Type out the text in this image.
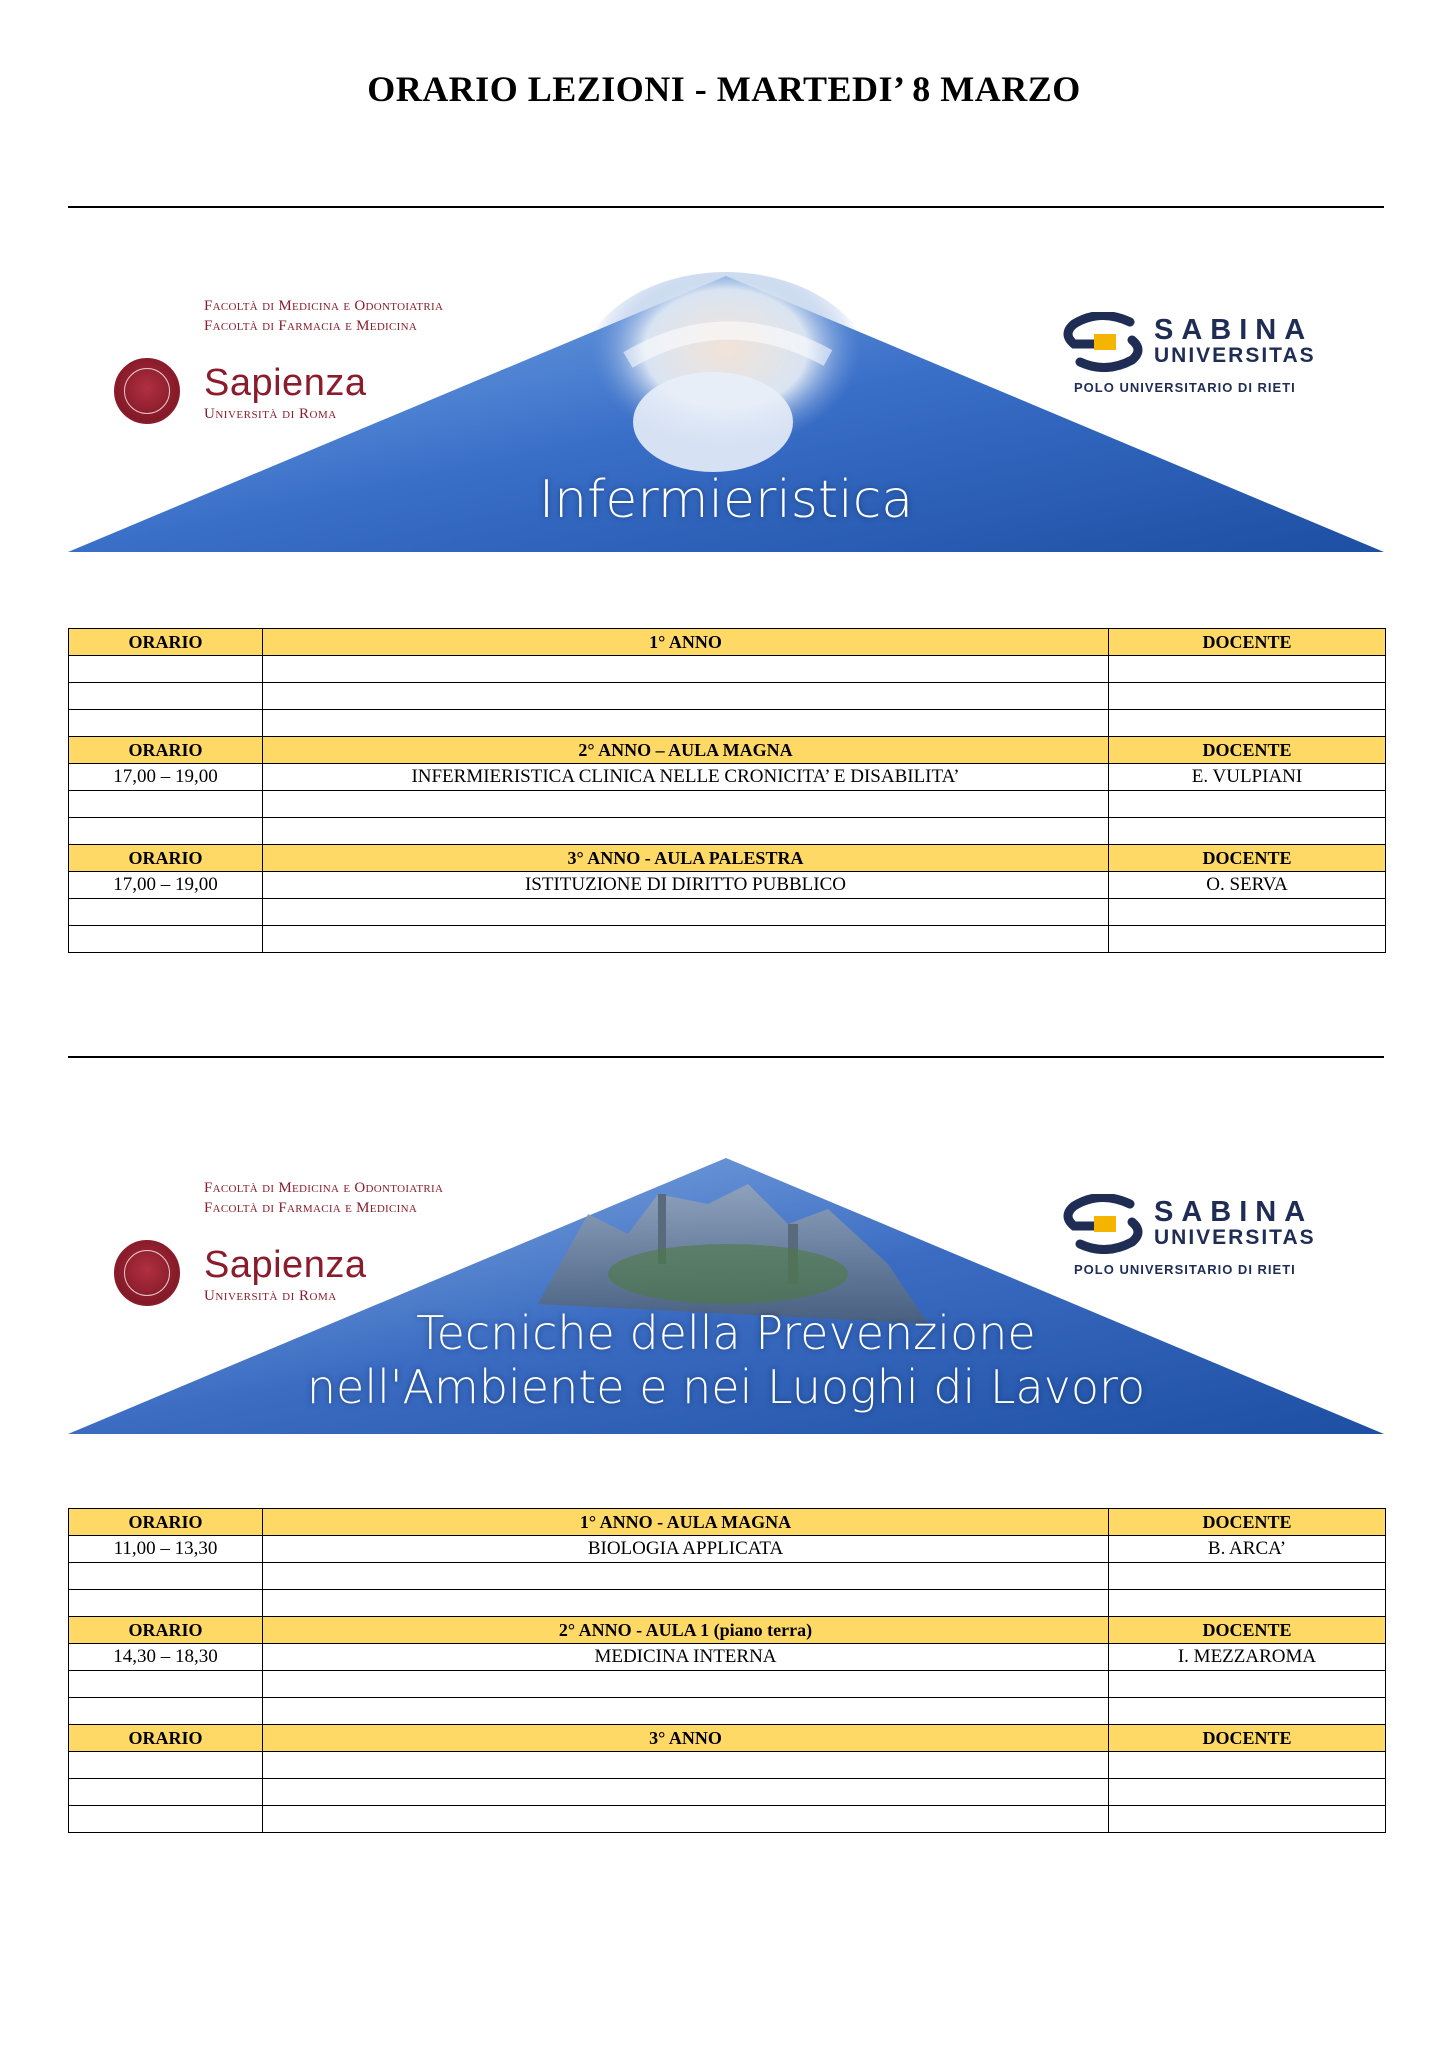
ORARIO LEZIONI - MARTEDI’ 8 MARZO
Facoltà di Medicina e Odontoiatria
Facoltà di Farmacia e Medicina
Sapienza
Università di Roma
SABINA
UNIVERSITAS
POLO UNIVERSITARIO DI RIETI
Infermieristica
ORARIO	1° ANNO	DOCENTE

ORARIO	2° ANNO – AULA MAGNA	DOCENTE
17,00 – 19,00	INFERMIERISTICA CLINICA NELLE CRONICITA’ E DISABILITA’	E. VULPIANI

ORARIO	3° ANNO - AULA PALESTRA	DOCENTE
17,00 – 19,00	ISTITUZIONE DI DIRITTO PUBBLICO	O. SERVA

Facoltà di Medicina e Odontoiatria
Facoltà di Farmacia e Medicina
Sapienza
Università di Roma
SABINA
UNIVERSITAS
POLO UNIVERSITARIO DI RIETI
Tecniche della Prevenzione
nell'Ambiente e nei Luoghi di Lavoro
ORARIO	1° ANNO - AULA MAGNA	DOCENTE
11,00 – 13,30	BIOLOGIA APPLICATA	B. ARCA’

ORARIO	2° ANNO - AULA 1 (piano terra)	DOCENTE
14,30 – 18,30	MEDICINA INTERNA	I. MEZZAROMA

ORARIO	3° ANNO	DOCENTE
